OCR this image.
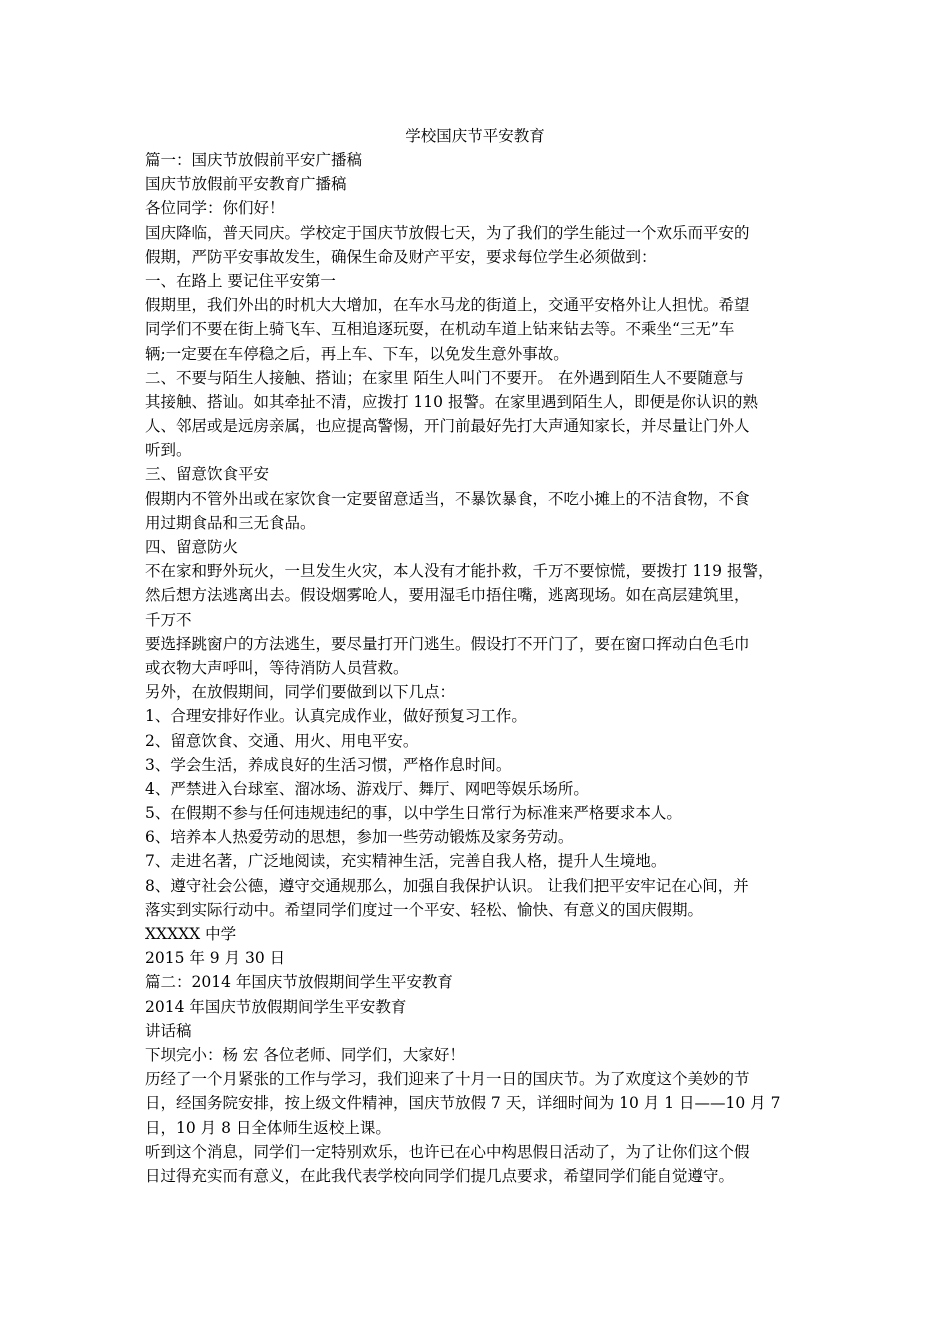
学校国庆节平安教育
篇一：国庆节放假前平安广播稿
国庆节放假前平安教育广播稿
各位同学：你们好！
国庆降临，普天同庆。学校定于国庆节放假七天，为了我们的学生能过一个欢乐而平安的
假期，严防平安事故发生，确保生命及财产平安，要求每位学生必须做到：
一、在路上 要记住平安第一
假期里，我们外出的时机大大增加，在车水马龙的街道上，交通平安格外让人担忧。希望
同学们不要在街上骑飞车、互相追逐玩耍，在机动车道上钻来钻去等。不乘坐“三无”车
辆;一定要在车停稳之后，再上车、下车，以免发生意外事故。
二、不要与陌生人接触、搭讪；在家里 陌生人叫门不要开。 在外遇到陌生人不要随意与
其接触、搭讪。如其牵扯不清，应拨打 110 报警。在家里遇到陌生人，即便是你认识的熟
人、邻居或是远房亲属，也应提高警惕，开门前最好先打大声通知家长，并尽量让门外人
听到。
三、留意饮食平安
假期内不管外出或在家饮食一定要留意适当，不暴饮暴食，不吃小摊上的不洁食物，不食
用过期食品和三无食品。
四、留意防火
不在家和野外玩火，一旦发生火灾，本人没有才能扑救，千万不要惊慌，要拨打 119 报警，
然后想方法逃离出去。假设烟雾呛人，要用湿毛巾捂住嘴，逃离现场。如在高层建筑里，
千万不
要选择跳窗户的方法逃生，要尽量打开门逃生。假设打不开门了，要在窗口挥动白色毛巾
或衣物大声呼叫，等待消防人员营救。
另外，在放假期间，同学们要做到以下几点：
1、合理安排好作业。认真完成作业，做好预复习工作。
2、留意饮食、交通、用火、用电平安。
3、学会生活，养成良好的生活习惯，严格作息时间。
4、严禁进入台球室、溜冰场、游戏厅、舞厅、网吧等娱乐场所。
5、在假期不参与任何违规违纪的事，以中学生日常行为标准来严格要求本人。
6、培养本人热爱劳动的思想，参加一些劳动锻炼及家务劳动。
7、走进名著，广泛地阅读，充实精神生活，完善自我人格，提升人生境地。
8、遵守社会公德，遵守交通规那么，加强自我保护认识。 让我们把平安牢记在心间，并
落实到实际行动中。希望同学们度过一个平安、轻松、愉快、有意义的国庆假期。
XXXXX 中学
2015 年 9 月 30 日
篇二：2014 年国庆节放假期间学生平安教育
2014 年国庆节放假期间学生平安教育
讲话稿
下坝完小：杨 宏 各位老师、同学们，大家好！
历经了一个月紧张的工作与学习，我们迎来了十月一日的国庆节。为了欢度这个美妙的节
日，经国务院安排，按上级文件精神，国庆节放假 7 天，详细时间为 10 月 1 日——10 月 7
日，10 月 8 日全体师生返校上课。
听到这个消息，同学们一定特别欢乐，也许已在心中构思假日活动了，为了让你们这个假
日过得充实而有意义，在此我代表学校向同学们提几点要求，希望同学们能自觉遵守。
